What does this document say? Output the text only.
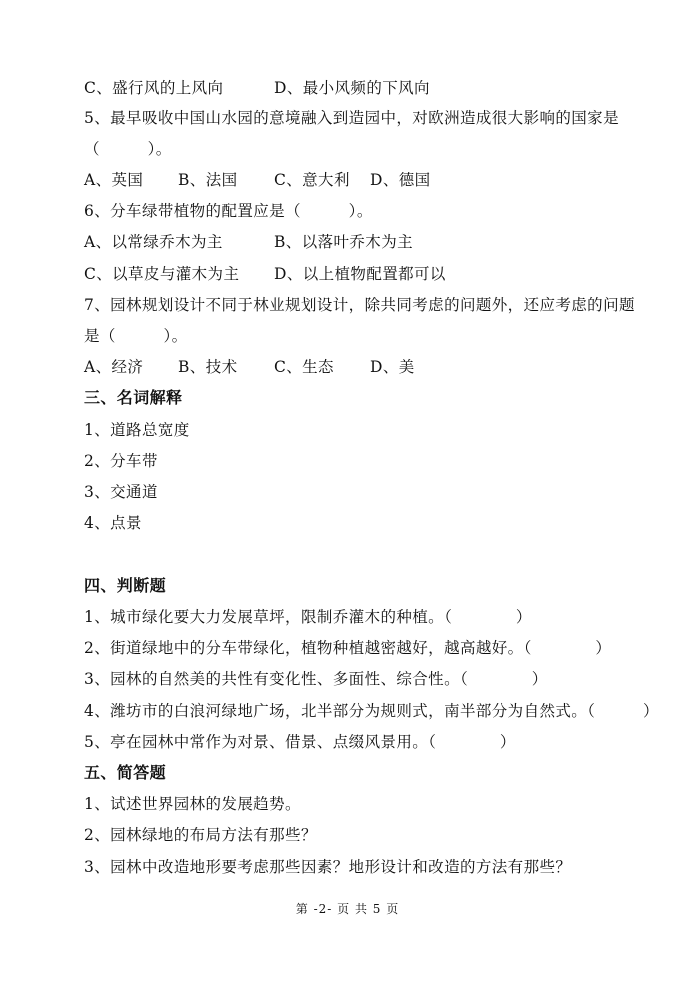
C、盛行风的上风向	D、最小风频的下风向
5、最早吸收中国山水园的意境融入到造园中，对欧洲造成很大影响的国家是
（　　　）。
A、英国 B、法国 C、意大利 D、德国
6、分车绿带植物的配置应是（　　　）。
A、以常绿乔木为主	B、以落叶乔木为主
C、以草皮与灌木为主 D、以上植物配置都可以
7、园林规划设计不同于林业规划设计，除共同考虑的问题外，还应考虑的问题
是（　　　）。
A、经济 B、技术 C、生态 D、美
三、名词解释
1、道路总宽度
2、分车带
3、交通道
4、点景
四、判断题
1、城市绿化要大力发展草坪，限制乔灌木的种植。（　　　　）
2、街道绿地中的分车带绿化，植物种植越密越好，越高越好。（　　　　）
3、园林的自然美的共性有变化性、多面性、综合性。（　　　　）
4、潍坊市的白浪河绿地广场，北半部分为规则式，南半部分为自然式。（　　　）
5、亭在园林中常作为对景、借景、点缀风景用。（　　　　）
五、简答题
1、试述世界园林的发展趋势。
2、园林绿地的布局方法有那些？
3、园林中改造地形要考虑那些因素？地形设计和改造的方法有那些？
第 -2- 页 共 5 页
